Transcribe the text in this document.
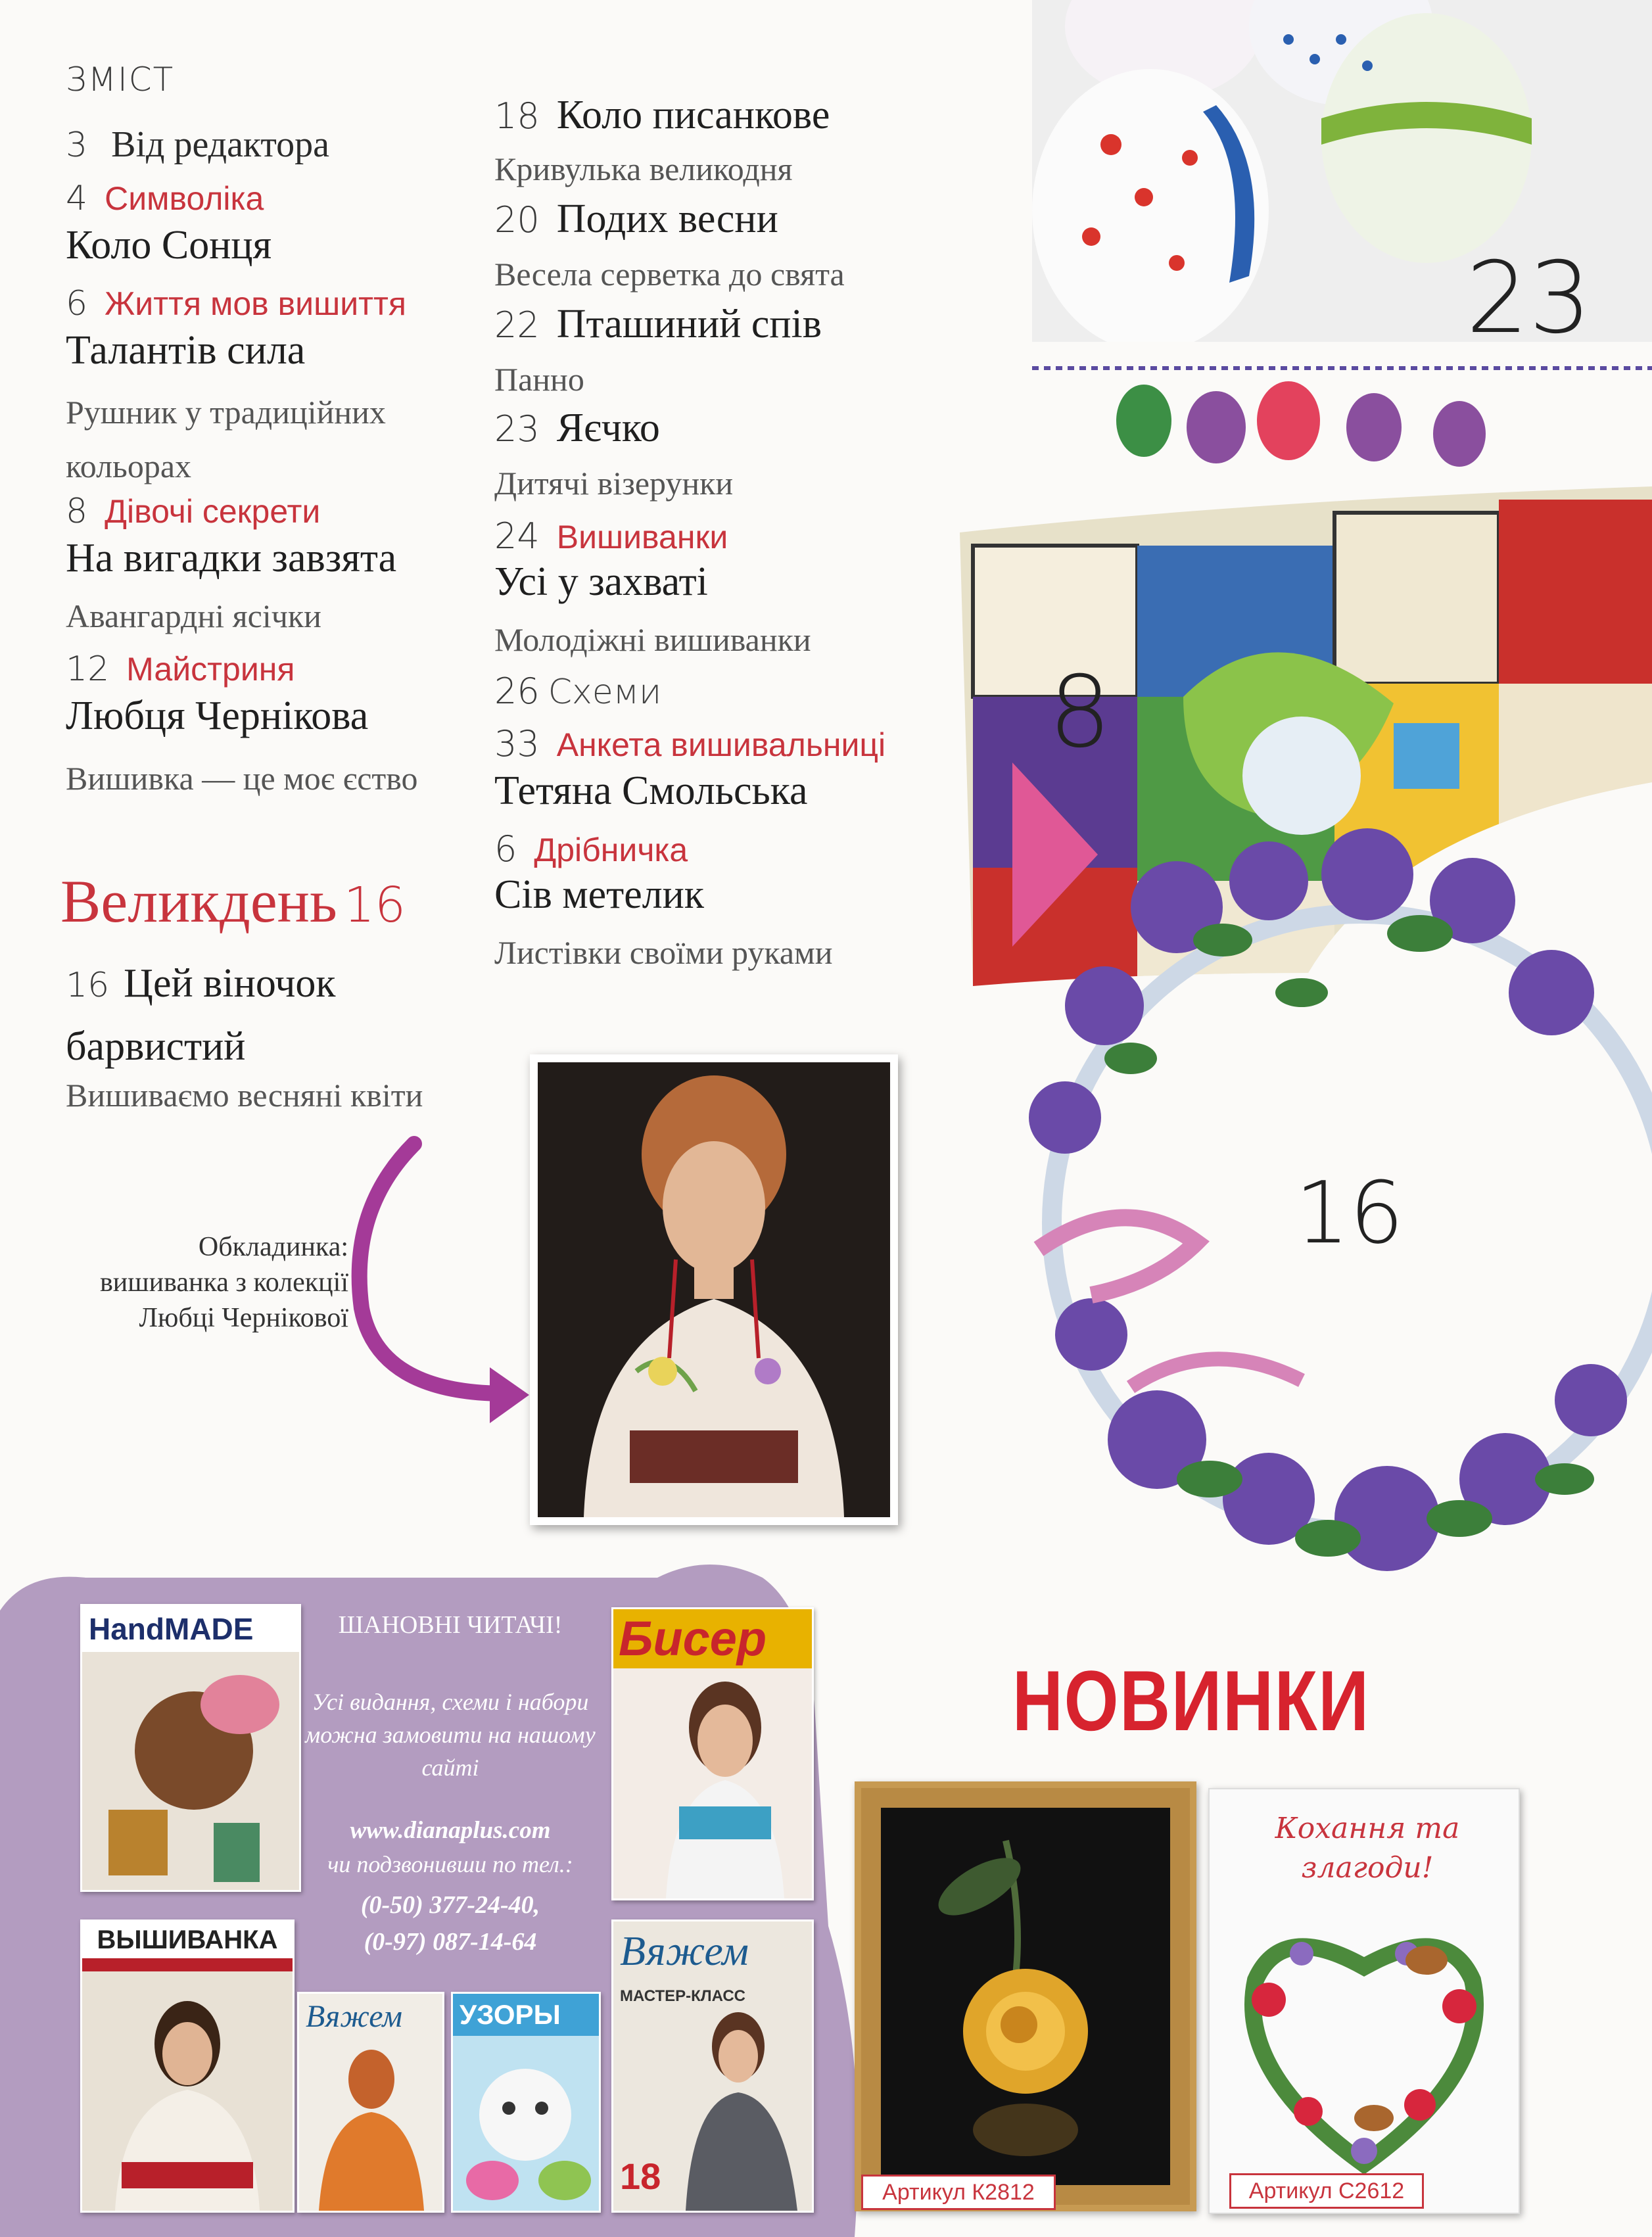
23
8
16
ЗМІСТ
3 Від редактора
4 Символіка
Коло Сонця
6 Життя мов вишиття
Талантів сила
Рушник у традиційних кольорах
8 Дівочі секрети
На вигадки завзята
Авангардні ясічки
12 Майстриня
Любця Чернікова
Вишивка — це моє єство
Великдень 16
16 Цей віночок барвистий
Вишиваємо весняні квіти
18 Коло писанкове
Кривулька великодня
20 Подих весни
Весела серветка до свята
22 Пташиний спів
Панно
23 Яєчко
Дитячі візерунки
24 Вишиванки
Усі у захваті
Молодіжні вишиванки
26 Схеми
33 Анкета вишивальниці
Тетяна Смольська
6 Дрібничка
Сів метелик
Листівки своїми руками
Обкладинка: вишиванка з колекції Любці Чернікової
HandMADE	ШАНОВНІ ЧИТАЧІ!
Усі видання, схеми і набори можна замовити на нашому сайті
www.dianaplus.com
чи подзвонивши по тел.:
(0-50) 377-24-40,
(0-97) 087-14-64
Бисер
ВЫШИВАНКА
Вяжем	УЗОРЫ
Вяжем
МАСТЕР-КЛАСС
18
НОВИНКИ
Артикул К2812
Кохання та злагоди!
Артикул С2612
